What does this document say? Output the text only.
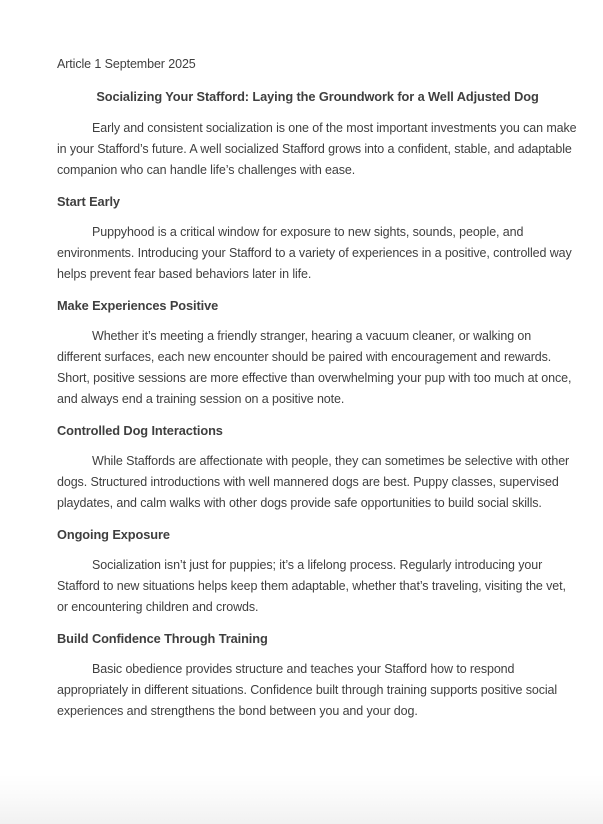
Article 1 September 2025

Socializing Your Stafford: Laying the Groundwork for a Well Adjusted Dog

Early and consistent socialization is one of the most important investments you can make in your Stafford’s future. A well socialized Stafford grows into a confident, stable, and adaptable companion who can handle life’s challenges with ease.

Start Early

Puppyhood is a critical window for exposure to new sights, sounds, people, and environments. Introducing your Stafford to a variety of experiences in a positive, controlled way helps prevent fear based behaviors later in life.

Make Experiences Positive

Whether it’s meeting a friendly stranger, hearing a vacuum cleaner, or walking on different surfaces, each new encounter should be paired with encouragement and rewards. Short, positive sessions are more effective than overwhelming your pup with too much at once, and always end a training session on a positive note.

Controlled Dog Interactions

While Staffords are affectionate with people, they can sometimes be selective with other dogs. Structured introductions with well mannered dogs are best. Puppy classes, supervised playdates, and calm walks with other dogs provide safe opportunities to build social skills.

Ongoing Exposure

Socialization isn’t just for puppies; it’s a lifelong process. Regularly introducing your Stafford to new situations helps keep them adaptable, whether that’s traveling, visiting the vet, or encountering children and crowds.

Build Confidence Through Training

Basic obedience provides structure and teaches your Stafford how to respond appropriately in different situations. Confidence built through training supports positive social experiences and strengthens the bond between you and your dog.
